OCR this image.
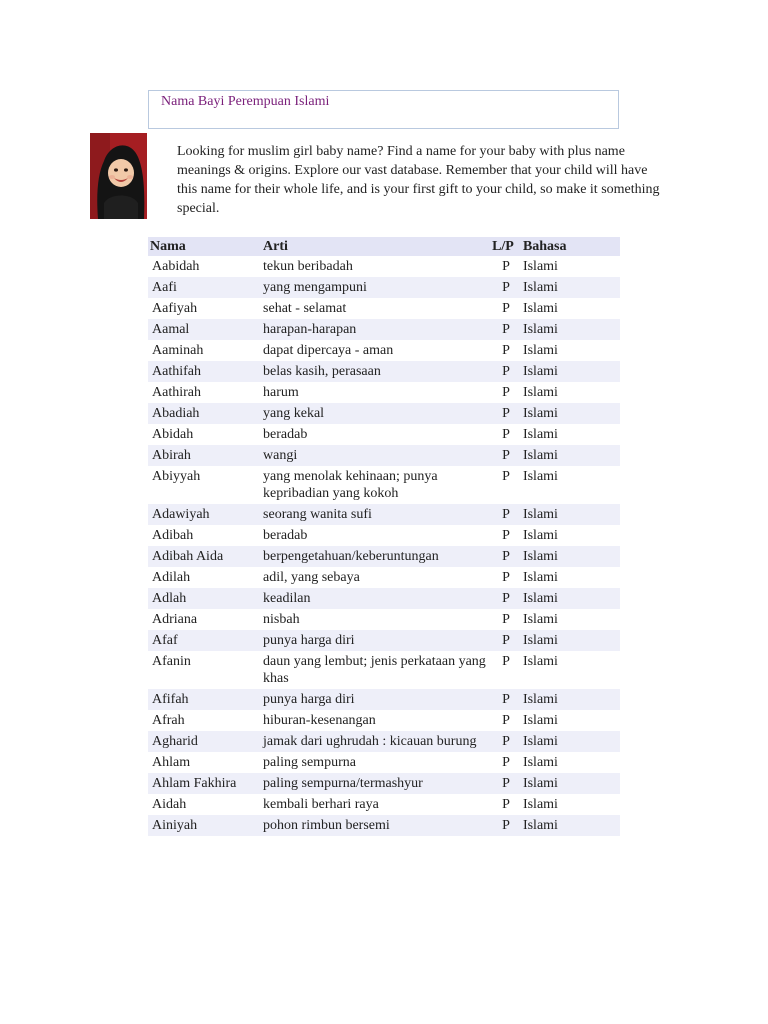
Nama Bayi Perempuan Islami
Looking for muslim girl baby name? Find a name for your baby with plus name meanings & origins. Explore our vast database. Remember that your child will have this name for their whole life, and is your first gift to your child, so make it something special.
Nama	Arti	L/P	Bahasa
Aabidah	tekun beribadah	P	Islami
Aafi	yang mengampuni	P	Islami
Aafiyah	sehat - selamat	P	Islami
Aamal	harapan-harapan	P	Islami
Aaminah	dapat dipercaya - aman	P	Islami
Aathifah	belas kasih, perasaan	P	Islami
Aathirah	harum	P	Islami
Abadiah	yang kekal	P	Islami
Abidah	beradab	P	Islami
Abirah	wangi	P	Islami
Abiyyah	yang menolak kehinaan; punya kepribadian yang kokoh	P	Islami
Adawiyah	seorang wanita sufi	P	Islami
Adibah	beradab	P	Islami
Adibah Aida	berpengetahuan/keberuntungan	P	Islami
Adilah	adil, yang sebaya	P	Islami
Adlah	keadilan	P	Islami
Adriana	nisbah	P	Islami
Afaf	punya harga diri	P	Islami
Afanin	daun yang lembut; jenis perkataan yang khas	P	Islami
Afifah	punya harga diri	P	Islami
Afrah	hiburan-kesenangan	P	Islami
Agharid	jamak dari ughrudah : kicauan burung	P	Islami
Ahlam	paling sempurna	P	Islami
Ahlam Fakhira	paling sempurna/termashyur	P	Islami
Aidah	kembali berhari raya	P	Islami
Ainiyah	pohon rimbun bersemi	P	Islami
